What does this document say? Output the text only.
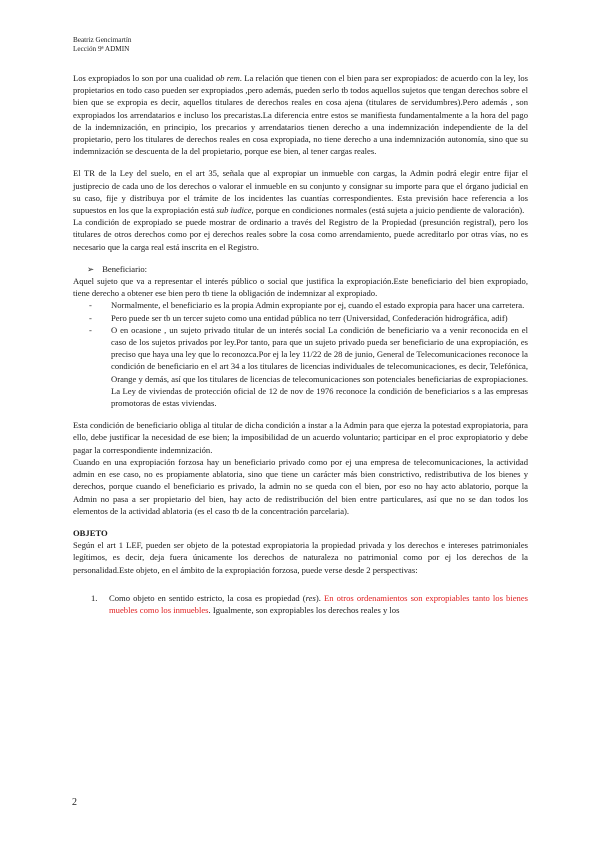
Beatriz Gencimartín
Lección 9ª ADMIN

Los expropiados lo son por una cualidad ob rem. La relación que tienen con el bien para ser expropiados: de acuerdo con la ley, los propietarios en todo caso pueden ser expropiados ,pero además, pueden serlo tb todos aquellos sujetos que tengan derechos sobre el bien que se expropia es decir, aquellos titulares de derechos reales en cosa ajena (titulares de servidumbres).Pero además , son expropiados los arrendatarios e incluso los precaristas.La diferencia entre estos se manifiesta fundamentalmente a la hora del pago de la indemnización, en principio, los precarios y arrendatarios tienen derecho a una indemnización independiente de la del propietario, pero los titulares de derechos reales en cosa expropiada, no tiene derecho a una indemnización autonomía, sino que su indemnización se descuenta de la del propietario, porque ese bien, al tener cargas reales.

El TR de la Ley del suelo, en el art 35, señala que al expropiar un inmueble con cargas, la Admin podrá elegir entre fijar el justiprecio de cada uno de los derechos o valorar el inmueble en su conjunto y consignar su importe para que el órgano judicial en su caso, fije y distribuya por el trámite de los incidentes las cuantías correspondientes. Esta previsión hace referencia a los supuestos en los que la expropiación está sub iudice, porque en condiciones normales (está sujeta a juicio pendiente de valoración).

La condición de expropiado se puede mostrar de ordinario a través del Registro de la Propiedad (presunción registral), pero los titulares de otros derechos como por ej derechos reales sobre la cosa como arrendamiento, puede acreditarlo por otras vías, no es necesario que la carga real está inscrita en el Registro.

➢ Beneficiario:

Aquel sujeto que va a representar el interés público o social que justifica la expropiación.Este beneficiario del bien expropiado, tiene derecho a obtener ese bien pero tb tiene la obligación de indemnizar al expropiado.

-	Normalmente, el beneficiario es la propia Admin expropiante por ej, cuando el estado expropia para hacer una carretera.
-	Pero puede ser tb un tercer sujeto como una entidad pública no terr (Universidad, Confederación hidrográfica, adif)
-	O en ocasione , un sujeto privado titular de un interés social La condición de beneficiario va a venir reconocida en el caso de los sujetos privados por ley.Por tanto, para que un sujeto privado pueda ser beneficiario de una expropiación, es preciso que haya una ley que lo reconozca.Por ej la ley 11/22 de 28 de junio, General de Telecomunicaciones reconoce la condición de beneficiario en el art 34 a los titulares de licencias individuales de telecomunicaciones, es decir, Telefónica, Orange y demás, así que los titulares de licencias de telecomunicaciones son potenciales beneficiarias de expropiaciones. La Ley de viviendas de protección oficial de 12 de nov de 1976 reconoce la condición de beneficiarios s a las empresas promotoras de estas viviendas.

Esta condición de beneficiario obliga al titular de dicha condición a instar a la Admin para que ejerza la potestad expropiatoria, para ello, debe justificar la necesidad de ese bien; la imposibilidad de un acuerdo voluntario; participar en el proc expropiatorio y debe pagar la correspondiente indemnización.

Cuando en una expropiación forzosa hay un beneficiario privado como por ej una empresa de telecomunicaciones, la actividad admin en ese caso, no es propiamente ablatoria, sino que tiene un carácter más bien constrictivo, redistributiva de los bienes y derechos, porque cuando el beneficiario es privado, la admin no se queda con el bien, por eso no hay acto ablatorio, porque la Admin no pasa a ser propietario del bien, hay acto de redistribución del bien entre particulares, así que no se dan todos los elementos de la actividad ablatoria (es el caso tb de la concentración parcelaria).

OBJETO

Según el art 1 LEF, pueden ser objeto de la potestad expropiatoria la propiedad privada y los derechos e intereses patrimoniales legítimos, es decir, deja fuera únicamente los derechos de naturaleza no patrimonial como por ej los derechos de la personalidad.Este objeto, en el ámbito de la expropiación forzosa, puede verse desde 2 perspectivas:

1.	Como objeto en sentido estricto, la cosa es propiedad (res). En otros ordenamientos son expropiables tanto los bienes muebles como los inmuebles. Igualmente, son expropiables los derechos reales y los
2
